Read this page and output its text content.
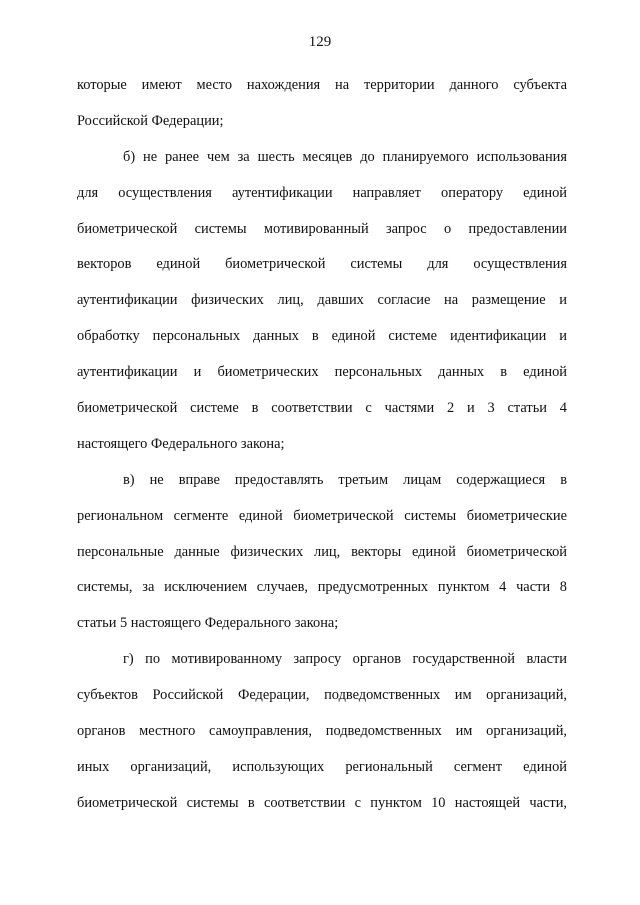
129
которые имеют место нахождения на территории данного субъекта
Российской Федерации;
б) не ранее чем за шесть месяцев до планируемого использования
для осуществления аутентификации направляет оператору единой
биометрической системы мотивированный запрос о предоставлении
векторов единой биометрической системы для осуществления
аутентификации физических лиц, давших согласие на размещение и
обработку персональных данных в единой системе идентификации и
аутентификации и биометрических персональных данных в единой
биометрической системе в соответствии с частями 2 и 3 статьи 4
настоящего Федерального закона;
в) не вправе предоставлять третьим лицам содержащиеся в
региональном сегменте единой биометрической системы биометрические
персональные данные физических лиц, векторы единой биометрической
системы, за исключением случаев, предусмотренных пунктом 4 части 8
статьи 5 настоящего Федерального закона;
г) по мотивированному запросу органов государственной власти
субъектов Российской Федерации, подведомственных им организаций,
органов местного самоуправления, подведомственных им организаций,
иных организаций, использующих региональный сегмент единой
биометрической системы в соответствии с пунктом 10 настоящей части,
